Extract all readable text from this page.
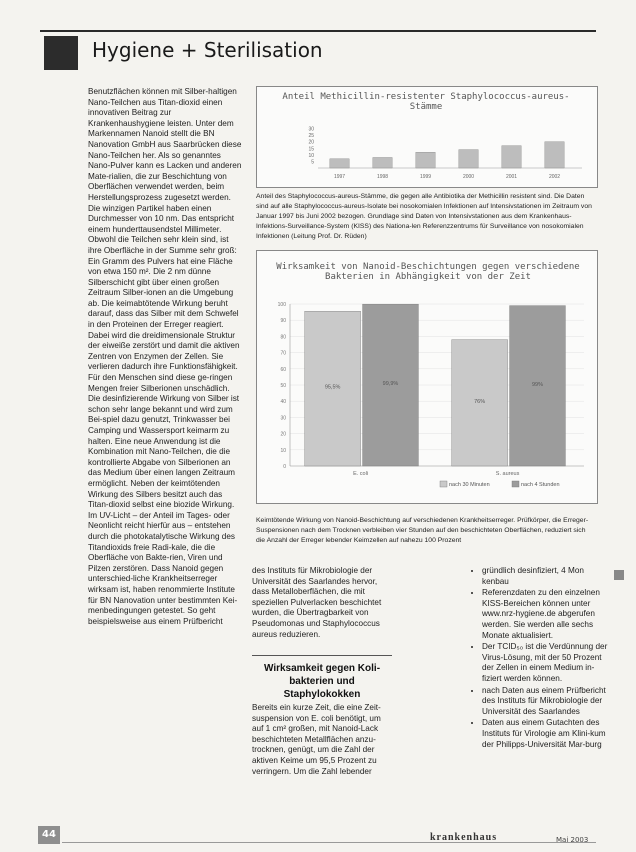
Hygiene + Sterilisation
Benutzflächen können mit Silber-haltigen Nano-Teilchen aus Titan-dioxid einen innovativen Beitrag zur Krankenhaushygiene leisten. Unter dem Markennamen Nanoid stellt die BN Nanovation GmbH aus Saarbrücken diese Nano-Teilchen her. Als so genanntes Nano-Pulver kann es Lacken und anderen Mate-rialien, die zur Beschichtung von Oberflächen verwendet werden, beim Herstellungsprozess zugesetzt werden. Die winzigen Partikel haben einen Durchmesser von 10 nm. Das entspricht einem hunderttausendstel Millimeter. Obwohl die Teilchen sehr klein sind, ist ihre Oberfläche in der Summe sehr groß: Ein Gramm des Pulvers hat eine Fläche von etwa 150 m². Die 2 nm dünne Silberschicht gibt über einen großen Zeitraum Silber-ionen an die Umgebung ab. Die keimabtötende Wirkung beruht darauf, dass das Silber mit dem Schwefel in den Proteinen der Erreger reagiert. Dabei wird die dreidimensionale Struktur der eiweiße zerstört und damit die aktiven Zentren von Enzymen der Zellen. Sie verlieren dadurch ihre Funktionsfähigkeit. Für den Menschen sind diese ge-ringen Mengen freier Silberionen unschädlich. Die desinfizierende Wirkung von Silber ist schon sehr lange bekannt und wird zum Bei-spiel dazu genutzt, Trinkwasser bei Camping und Wassersport keimarm zu halten. Eine neue Anwendung ist die Kombination mit Nano-Teilchen, die die kontrollierte Abgabe von Silberionen an das Medium über einen langen Zeitraum ermöglicht. Neben der keimtötenden Wirkung des Silbers besitzt auch das Titan-dioxid selbst eine biozide Wirkung. Im UV-Licht – der Anteil im Tages- oder Neonlicht reicht hierfür aus – entstehen durch die photokatalytische Wirkung des Titandioxids freie Radi-kale, die die Oberfläche von Bakte-rien, Viren und Pilzen zerstören. Dass Nanoid gegen unterschied-liche Krankheitserreger wirksam ist, haben renommierte Institute für BN Nanovation unter bestimmten Kei-menbedingungen getestet. So geht beispielsweise aus einem Prüfbericht
Anteil Methicillin-resistenter Staphylococcus-aureus-Stämme
30
25
20
15
10
5
1997	1998	1999	2000	2001	2002
Anteil des Staphylococcus-aureus-Stämme, die gegen alle Antibiotika der Methicillin resistent sind. Die Daten sind auf alle Staphylococcus-aureus-Isolate bei nosokomialen Infektionen auf Intensivstationen im Zeitraum von Januar 1997 bis Juni 2002 bezogen. Grundlage sind Daten von Intensivstationen aus dem Krankenhaus-Infektions-Surveillance-System (KISS) des Nationa-len Referenzzentrums für Surveillance von nosokomialen Infektionen (Leitung Prof. Dr. Rüden)
Wirksamkeit von Nanoid-Beschichtungen gegen verschiedene Bakterien in Abhängigkeit von der Zeit
100
90
80
70
60
50
40
30
20
10
0
95,5%
99,9%
E. coli
76%
99%
S. aureus
nach 30 Minuten	nach 4 Stunden
Keimtötende Wirkung von Nanoid-Beschichtung auf verschiedenen Krankheitserreger. Prüfkörper, die Erreger-Suspensionen nach dem Trocknen verbleiben vier Stunden auf den beschichteten Oberflächen, reduziert sich die Anzahl der Erreger lebender Keimzellen auf nahezu 100 Prozent
des Instituts für Mikrobiologie der Universität des Saarlandes hervor, dass Metalloberflächen, die mit speziellen Pulverlacken beschichtet wurden, die Übertragbarkeit von Pseudomonas und Staphylococcus aureus reduzieren.
Wirksamkeit gegen Koli-bakterien und Staphylokokken
Bereits ein kurze Zeit, die eine Zeit-suspension von E. coli benötigt, um auf 1 cm² großen, mit Nanoid-Lack beschichteten Metallflächen anzu-trocknen, genügt, um die Zahl der aktiven Keime um 95,5 Prozent zu verringern. Um die Zahl lebender
• gründlich desinfiziert, 4 Mon kenbau
• Referenzdaten zu den einzelnen KISS-Bereichen können unter www.nrz-hygiene.de abgerufen werden. Sie werden alle sechs Monate aktualisiert.
• Der TCID₅₀ ist die Verdünnung der Virus-Lösung, mit der 50 Prozent der Zellen in einem Medium in-fiziert werden können.
• nach Daten aus einem Prüfbericht des Instituts für Mikrobiologie der Universität des Saarlandes
• Daten aus einem Gutachten des Instituts für Virologie am Klini-kum der Philipps-Universität Mar-burg
44	krankenhaus	Mai 2003
